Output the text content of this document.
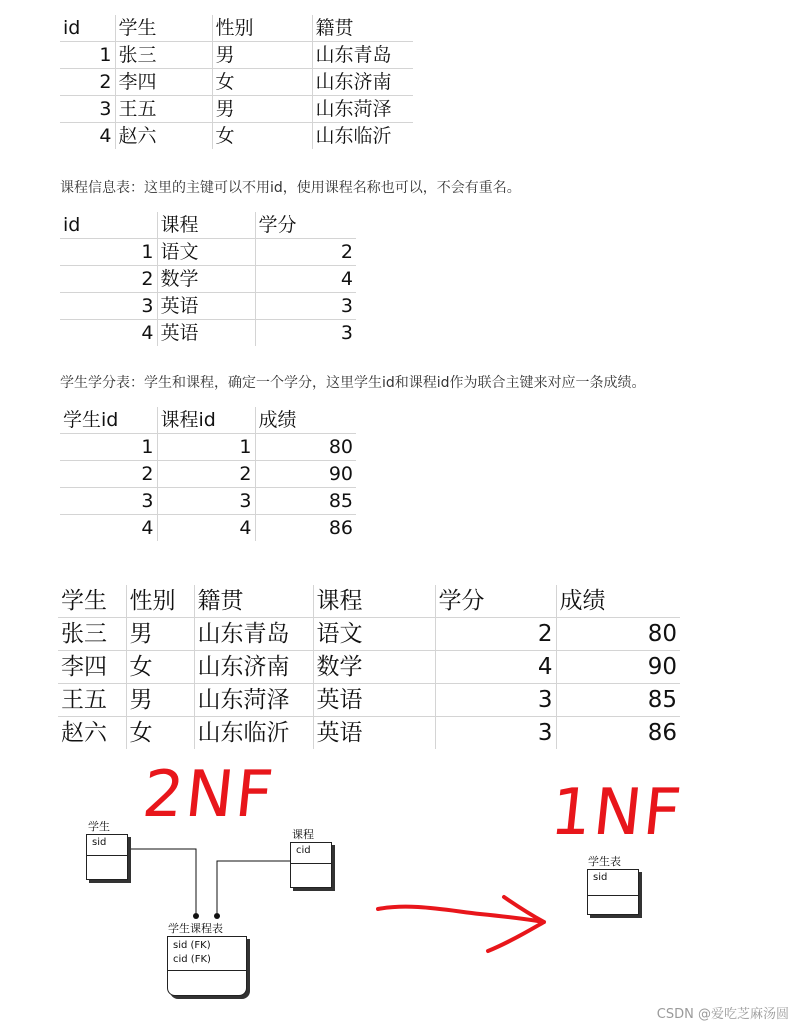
id	学生	性别	籍贯
1	张三	男	山东青岛
2	李四	女	山东济南
3	王五	男	山东菏泽
4	赵六	女	山东临沂
课程信息表：这里的主键可以不用id，使用课程名称也可以，不会有重名。
id	课程	学分
1	语文	2
2	数学	4
3	英语	3
4	英语	3
学生学分表：学生和课程，确定一个学分，这里学生id和课程id作为联合主键来对应一条成绩。
学生id	课程id	成绩
1	1	80
2	2	90
3	3	85
4	4	86
学生	性别	籍贯	课程	学分	成绩
张三	男	山东青岛	语文	2	80
李四	女	山东济南	数学	4	90
王五	男	山东菏泽	英语	3	85
赵六	女	山东临沂	英语	3	86
2NF	1NF
学生
sid
课程
cid
学生课程表
sid (FK)
cid (FK)
学生表
sid
CSDN @爱吃芝麻汤圆
